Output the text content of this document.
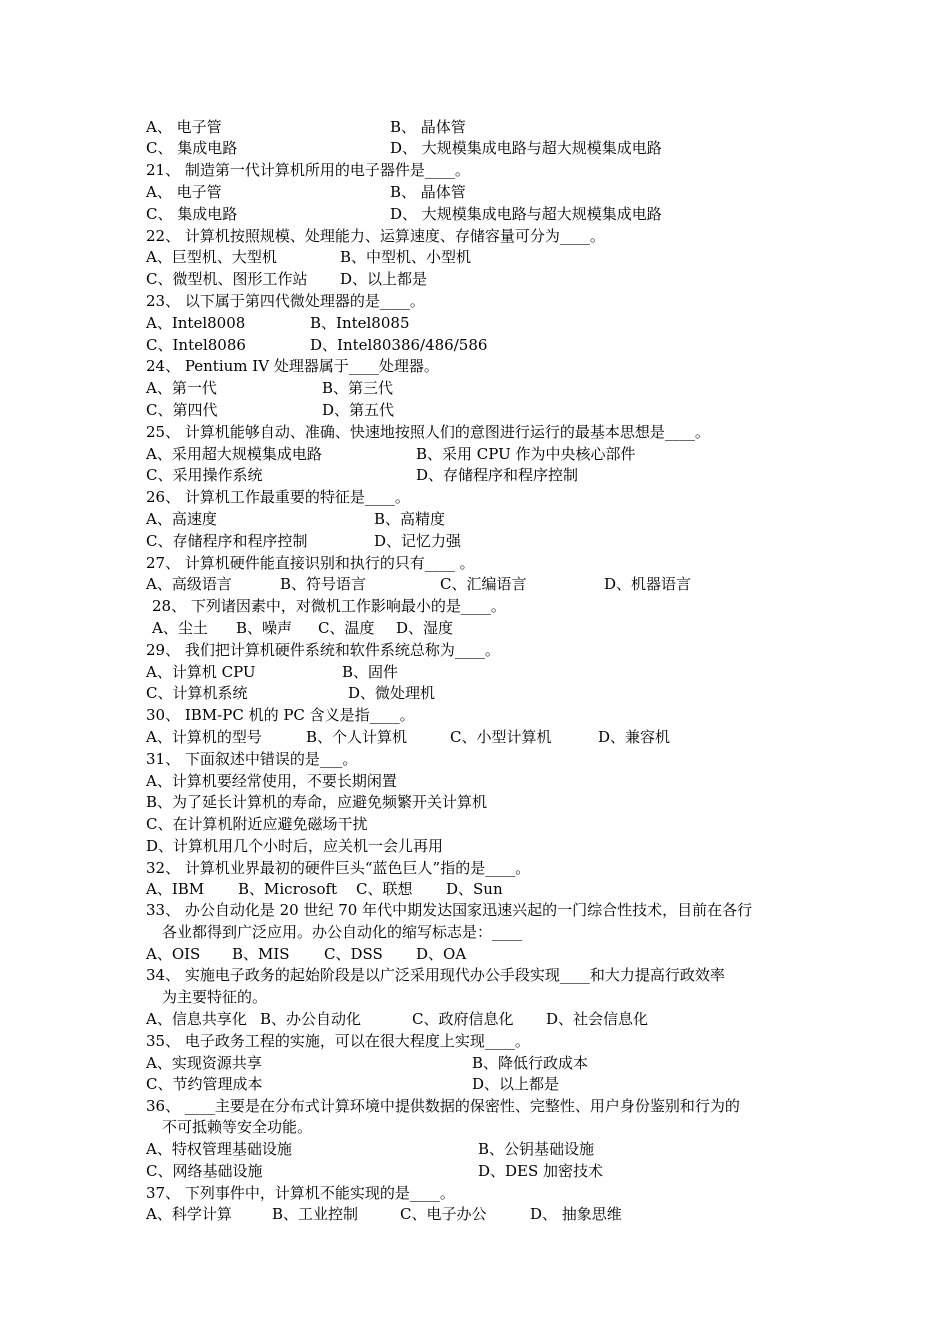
A、 电子管	B、 晶体管
C、 集成电路	D、 大规模集成电路与超大规模集成电路
21、 制造第一代计算机所用的电子器件是____。
A、 电子管	B、 晶体管
C、 集成电路	D、 大规模集成电路与超大规模集成电路
22、 计算机按照规模、处理能力、运算速度、存储容量可分为____。
A、巨型机、大型机	B、中型机、小型机
C、微型机、图形工作站 D、以上都是
23、 以下属于第四代微处理器的是____。
A、Intel8008	B、Intel8085
C、Intel8086	D、Intel80386/486/586
24、 Pentium IV 处理器属于____处理器。
A、第一代	B、第三代
C、第四代	D、第五代
25、 计算机能够自动、准确、快速地按照人们的意图进行运行的最基本思想是____。
A、采用超大规模集成电路	B、采用 CPU 作为中央核心部件
C、采用操作系统	D、存储程序和程序控制
26、 计算机工作最重要的特征是____。
A、高速度	B、高精度
C、存储程序和程序控制	D、记忆力强
27、 计算机硬件能直接识别和执行的只有____ 。
A、高级语言	B、符号语言	C、汇编语言	D、机器语言
28、 下列诸因素中，对微机工作影响最小的是____。
A、尘土 B、噪声 C、温度 D、湿度
29、 我们把计算机硬件系统和软件系统总称为____。
A、计算机 CPU	B、固件
C、计算机系统	D、微处理机
30、 IBM-PC 机的 PC 含义是指____。
A、计算机的型号	B、个人计算机	C、小型计算机	D、兼容机
31、 下面叙述中错误的是___。
A、计算机要经常使用，不要长期闲置
B、为了延长计算机的寿命，应避免频繁开关计算机
C、在计算机附近应避免磁场干扰
D、计算机用几个小时后，应关机一会儿再用
32、 计算机业界最初的硬件巨头“蓝色巨人”指的是____。
A、IBM B、Microsoft C、联想 D、Sun
33、 办公自动化是 20 世纪 70 年代中期发达国家迅速兴起的一门综合性技术，目前在各行
各业都得到广泛应用。办公自动化的缩写标志是：____
A、OIS B、MIS C、DSS D、OA
34、 实施电子政务的起始阶段是以广泛采用现代办公手段实现____和大力提高行政效率
为主要特征的。
A、信息共享化 B、办公自动化	C、政府信息化 D、社会信息化
35、 电子政务工程的实施，可以在很大程度上实现____。
A、实现资源共享	B、降低行政成本
C、节约管理成本	D、以上都是
36、 ____主要是在分布式计算环境中提供数据的保密性、完整性、用户身份鉴别和行为的
不可抵赖等安全功能。
A、特权管理基础设施	B、公钥基础设施
C、网络基础设施	D、DES 加密技术
37、 下列事件中，计算机不能实现的是____。
A、科学计算	B、工业控制	C、电子办公	D、 抽象思维
